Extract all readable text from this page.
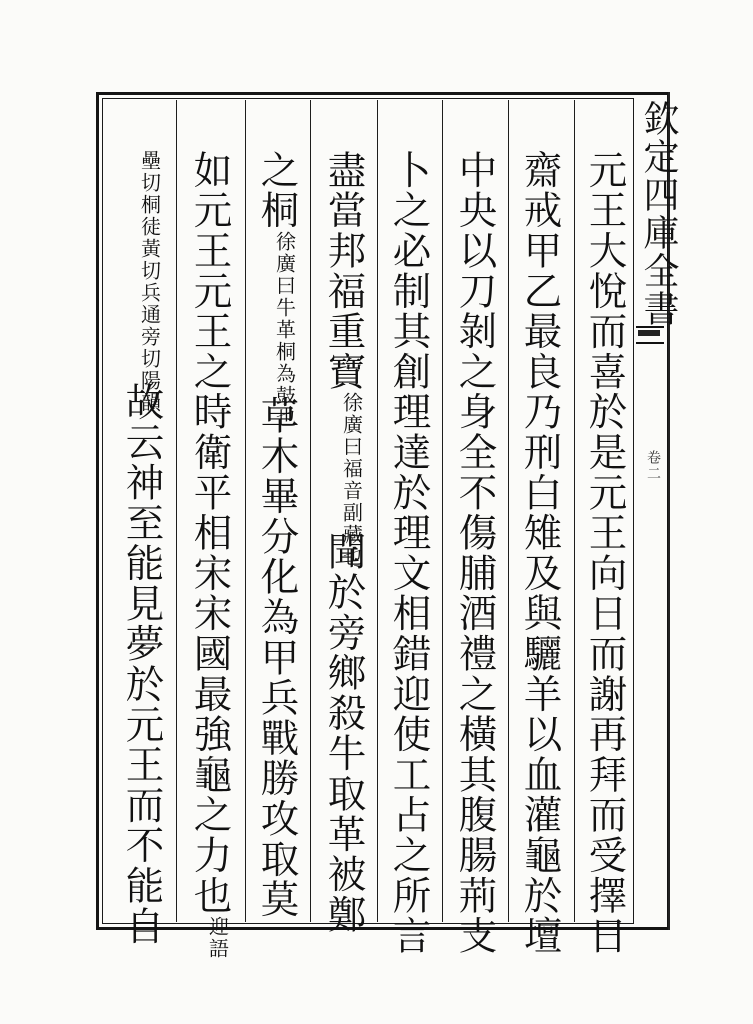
欽定四庫全書
卷二
元王大悅而喜於是元王向日而謝再拜而受擇日
齋戒甲乙最良乃刑白雉及與驪羊以血灌龜於壇
中央以刀剝之身全不傷脯酒禮之橫其腹腸荊支
卜之必制其創理達於理文相錯迎使工占之所言
盡當邦福重寶徐廣曰福音副藏也聞於旁鄉殺牛取革被鄭
之桐徐廣曰牛革桐為鼓也草木畢分化為甲兵戰勝攻取莫
如元王元王之時衛平相宋宋國最強龜之力也迎語
壘切桐徒黃切兵通旁切陽韻故云神至能見夢於元王而不能自
